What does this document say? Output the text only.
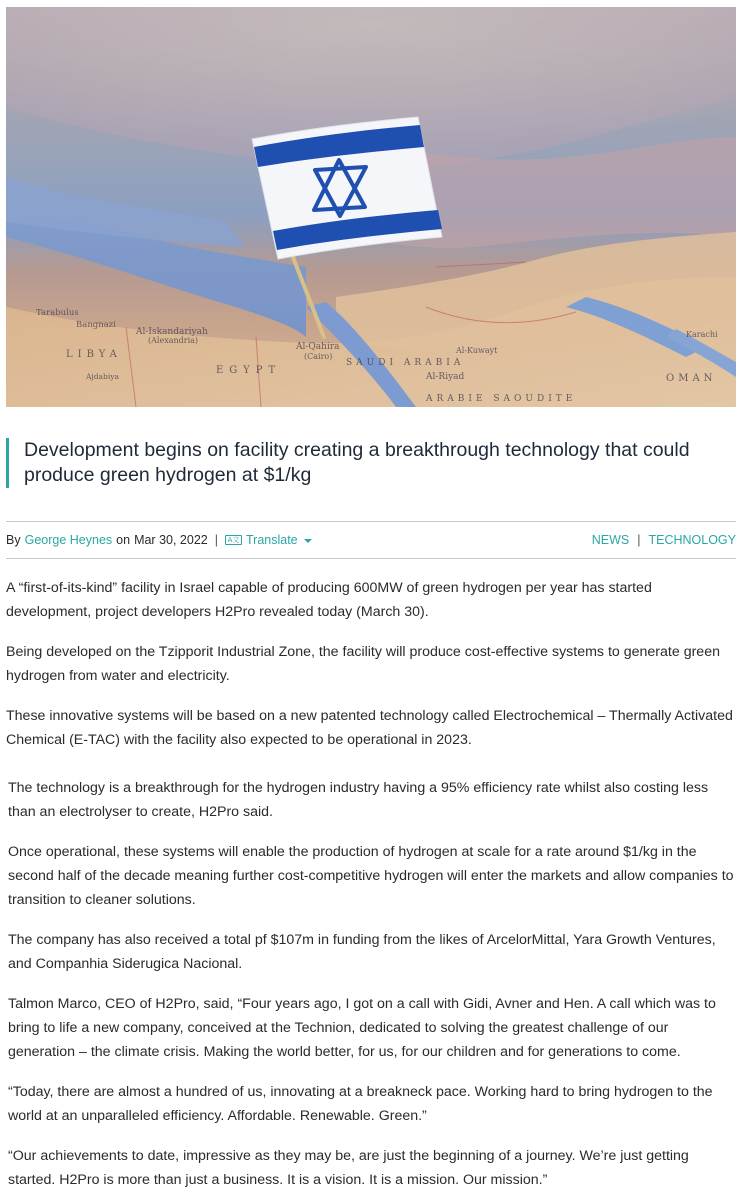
Tarabulus
Bangnazi
Al-Iskandariyah
(Alexandria)
LIBYA
Ajdabiya
EGYPT
Al-Qahira
(Cairo)
SAUDI ARABIA
Al-Riyad
ARABIE SAOUDITE
Al-Kuwayt
OMAN
Karachi
Development begins on facility creating a breakthrough technology that could produce green hydrogen at $1/kg
By George Heynes on Mar 30, 2022 |	A文 Translate	NEWS | TECHNOLOGY

A “first-of-its-kind” facility in Israel capable of producing 600MW of green hydrogen per year has started development, project developers H2Pro revealed today (March 30).

Being developed on the Tzipporit Industrial Zone, the facility will produce cost-effective systems to generate green hydrogen from water and electricity.

These innovative systems will be based on a new patented technology called Electrochemical – Thermally Activated Chemical (E-TAC) with the facility also expected to be operational in 2023.

The technology is a breakthrough for the hydrogen industry having a 95% efficiency rate whilst also costing less than an electrolyser to create, H2Pro said.

Once operational, these systems will enable the production of hydrogen at scale for a rate around $1/kg in the second half of the decade meaning further cost-competitive hydrogen will enter the markets and allow companies to transition to cleaner solutions.

The company has also received a total pf $107m in funding from the likes of ArcelorMittal, Yara Growth Ventures, and Companhia Siderugica Nacional.

Talmon Marco, CEO of H2Pro, said, “Four years ago, I got on a call with Gidi, Avner and Hen. A call which was to bring to life a new company, conceived at the Technion, dedicated to solving the greatest challenge of our generation – the climate crisis. Making the world better, for us, for our children and for generations to come.

“Today, there are almost a hundred of us, innovating at a breakneck pace. Working hard to bring hydrogen to the world at an unparalleled efficiency. Affordable. Renewable. Green.”

“Our achievements to date, impressive as they may be, are just the beginning of a journey. We’re just getting started. H2Pro is more than just a business. It is a vision. It is a mission. Our mission.”
